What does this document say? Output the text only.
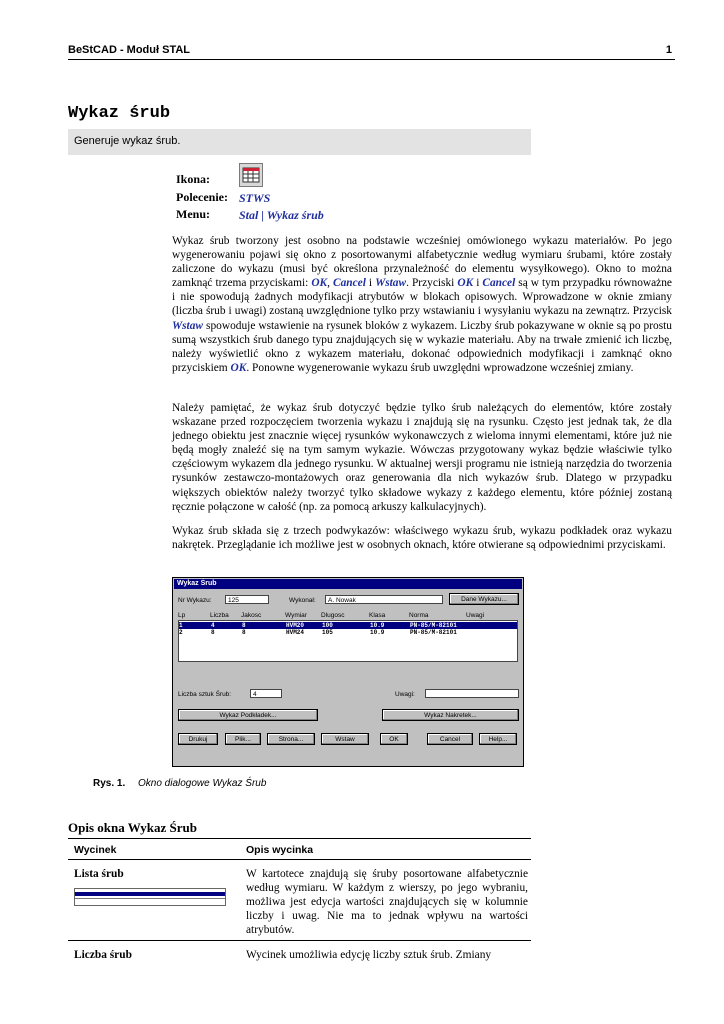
BeStCAD - Moduł STAL	1
Wykaz śrub
Generuje wykaz śrub.
Ikona:
Polecenie: STWS
Menu: Stal | Wykaz śrub
Wykaz śrub tworzony jest osobno na podstawie wcześniej omówionego wykazu materiałów. Po jego wygenerowaniu pojawi się okno z posortowanymi alfabetycznie według wymiaru śrubami, które zostały zaliczone do wykazu (musi być określona przynależność do elementu wysyłkowego). Okno to można zamknąć trzema przyciskami: OK, Cancel i Wstaw. Przyciski OK i Cancel są w tym przypadku równoważne i nie spowodują żadnych modyfikacji atrybutów w blokach opisowych. Wprowadzone w oknie zmiany (liczba śrub i uwagi) zostaną uwzględnione tylko przy wstawianiu i wysyłaniu wykazu na zewnątrz. Przycisk Wstaw spowoduje wstawienie na rysunek bloków z wykazem. Liczby śrub pokazywane w oknie są po prostu sumą wszystkich śrub danego typu znajdujących się w wykazie materiału. Aby na trwałe zmienić ich liczbę, należy wyświetlić okno z wykazem materiału, dokonać odpowiednich modyfikacji i zamknąć okno przyciskiem OK. Ponowne wygenerowanie wykazu śrub uwzględni wprowadzone wcześniej zmiany.
Należy pamiętać, że wykaz śrub dotyczyć będzie tylko śrub należących do elementów, które zostały wskazane przed rozpoczęciem tworzenia wykazu i znajdują się na rysunku. Często jest jednak tak, że dla jednego obiektu jest znacznie więcej rysunków wykonawczych z wieloma innymi elementami, które już nie będą mogły znaleźć się na tym samym wykazie. Wówczas przygotowany wykaz będzie właściwie tylko częściowym wykazem dla jednego rysunku. W aktualnej wersji programu nie istnieją narzędzia do tworzenia rysunków zestawczo-montażowych oraz generowania dla nich wykazów śrub. Dlatego w przypadku większych obiektów należy tworzyć tylko składowe wykazy z każdego elementu, które później zostaną ręcznie połączone w całość (np. za pomocą arkuszy kalkulacyjnych).
Wykaz śrub składa się z trzech podwykazów: właściwego wykazu śrub, wykazu podkładek oraz wykazu nakrętek. Przeglądanie ich możliwe jest w osobnych oknach, które otwierane są odpowiednimi przyciskami.
Wykaz Śrub
Nr Wykazu:	125	Wykonał:	A. Nowak	Dane Wykazu...
1	4	8	HVM20	100	10.9	PN-85/M-82101
2	8	8	HVM24	105	10.9	PN-85/M-82101
Liczba sztuk Śrub:	4	Uwagi:
Wykaz Podkładek...	Wykaz Nakretek...
Lp	Liczba Jakosc	Wymiar Dlugosc	Klasa	Norma	Uwagi
Drukuj	Plik...	Strona...	Wstaw	OK	Cancel	Help...
Rys. 1. Okno dialogowe Wykaz Śrub
Opis okna Wykaz Śrub
Wycinek	Opis wycinka
Lista śrub	W kartotece znajdują się śruby posortowane alfabetycznie według wymiaru. W każdym z wierszy, po jego wybraniu, możliwa jest edycja wartości znajdujących się w kolumnie liczby i uwag. Nie ma to jednak wpływu na wartości atrybutów.
Liczba śrub	Wycinek umożliwia edycję liczby sztuk śrub. Zmiany
